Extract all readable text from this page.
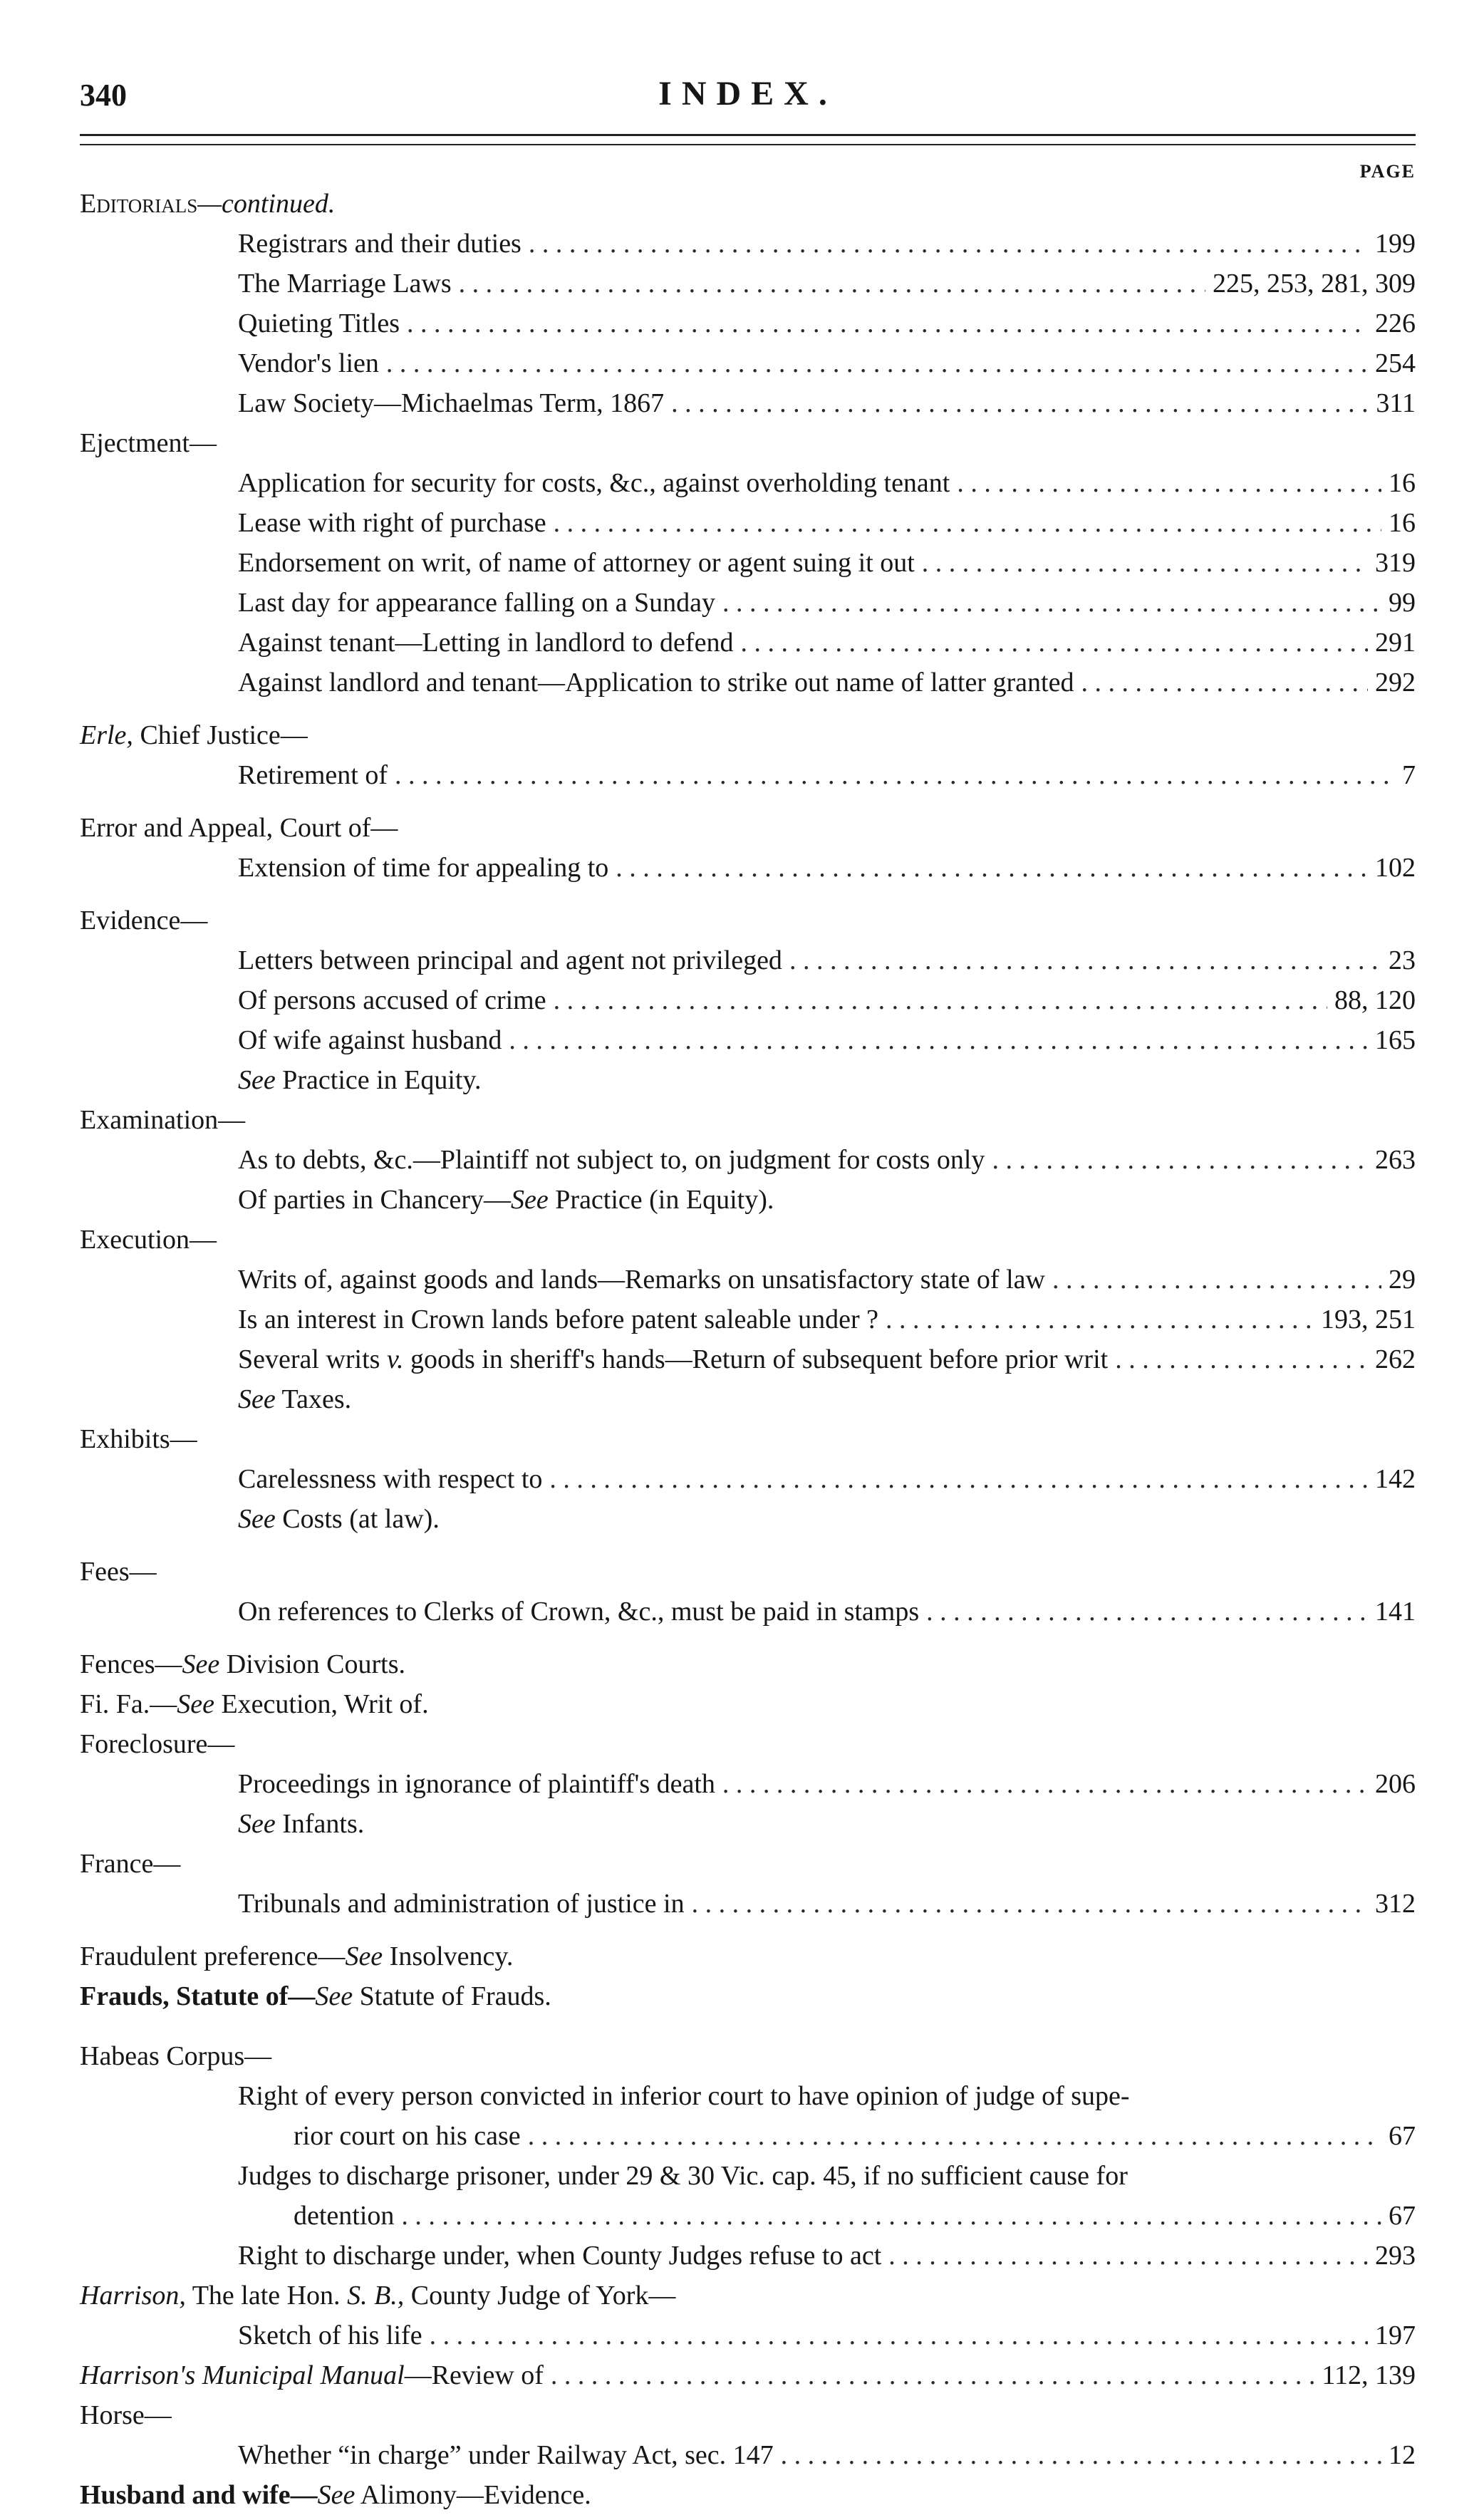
340	INDEX.
PAGE
Editorials—continued.
Registrars and their duties . . .	199
The Marriage Laws . . .	225, 253, 281, 309
Quieting Titles . . .	226
Vendor's lien . . .	254
Law Society—Michaelmas Term, 1867 . . .	311
Ejectment—
Application for security for costs, &c., against overholding tenant . . .	16
Lease with right of purchase . . .	16
Endorsement on writ, of name of attorney or agent suing it out . . .	319
Last day for appearance falling on a Sunday . . .	99
Against tenant—Letting in landlord to defend . . .	291
Against landlord and tenant—Application to strike out name of latter granted . . .	292
Erle, Chief Justice—
Retirement of . . .	7
Error and Appeal, Court of—
Extension of time for appealing to . . .	102
Evidence—
Letters between principal and agent not privileged . . .	23
Of persons accused of crime . . .	88, 120
Of wife against husband . . .	165
See Practice in Equity.
Examination—
As to debts, &c.—Plaintiff not subject to, on judgment for costs only . . .	263
Of parties in Chancery—See Practice (in Equity).
Execution—
Writs of, against goods and lands—Remarks on unsatisfactory state of law . . .	29
Is an interest in Crown lands before patent saleable under ? . . .	193, 251
Several writs v. goods in sheriff's hands—Return of subsequent before prior writ . . .	262
See Taxes.
Exhibits—
Carelessness with respect to . . .	142
See Costs (at law).
Fees—
On references to Clerks of Crown, &c., must be paid in stamps . . .	141
Fences—See Division Courts.
Fi. Fa.—See Execution, Writ of.
Foreclosure—
Proceedings in ignorance of plaintiff's death . . .	206
See Infants.
France—
Tribunals and administration of justice in . . .	312
Fraudulent preference—See Insolvency.
Frauds, Statute of—See Statute of Frauds.
Habeas Corpus—
Right of every person convicted in inferior court to have opinion of judge of supe-
rior court on his case . . .	67
Judges to discharge prisoner, under 29 & 30 Vic. cap. 45, if no sufficient cause for
detention . . .	67
Right to discharge under, when County Judges refuse to act . . .	293
Harrison, The late Hon. S. B., County Judge of York—
Sketch of his life . . .	197
Harrison's Municipal Manual—Review of . . .	112, 139
Horse—
Whether “in charge” under Railway Act, sec. 147 . . .	12
Husband and wife—See Alimony—Evidence.
